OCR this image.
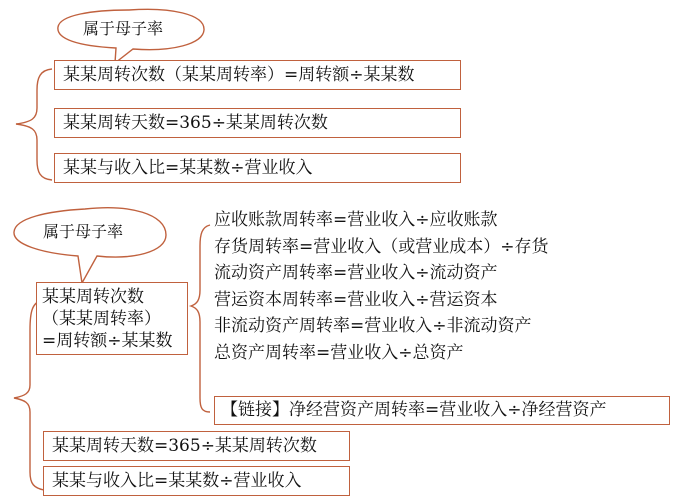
属于母子率
某某周转次数（某某周转率）=周转额÷某某数
某某周转天数=365÷某某周转次数
某某与收入比=某某数÷营业收入
属于母子率
某某周转次数
（某某周转率）
=周转额÷某某数
应收账款周转率=营业收入÷应收账款
存货周转率=营业收入（或营业成本）÷存货
流动资产周转率=营业收入÷流动资产
营运资本周转率=营业收入÷营运资本
非流动资产周转率=营业收入÷非流动资产
总资产周转率=营业收入÷总资产
【链接】净经营资产周转率=营业收入÷净经营资产
某某周转天数=365÷某某周转次数
某某与收入比=某某数÷营业收入
